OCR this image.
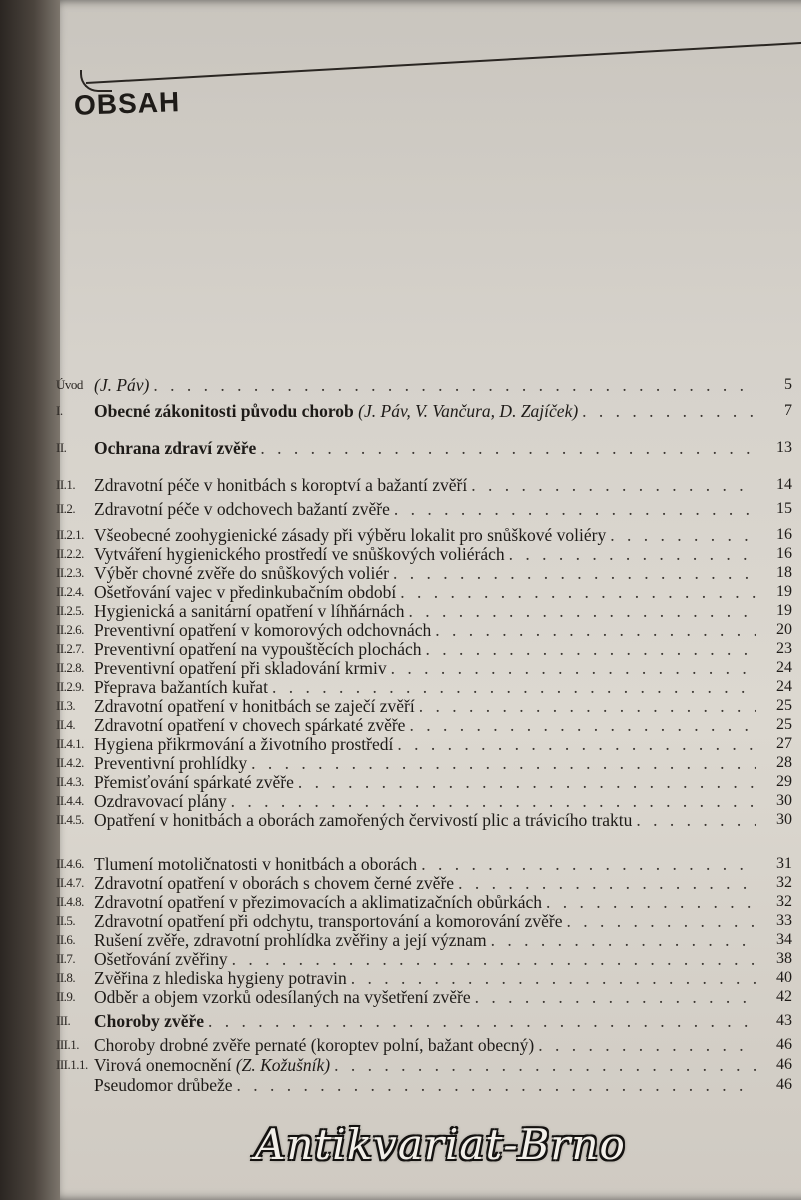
OBSAH
Úvod (J. Páv) . . .	5
I.	Obecné zákonitosti původu chorob (J. Páv, V. Vančura, D. Zajíček) . . .	7
II.	Ochrana zdraví zvěře . . .	13
II.1.	Zdravotní péče v honitbách s koroptví a bažantí zvěří . . .	14
II.2.	Zdravotní péče v odchovech bažantí zvěře . . .	15
II.2.1. Všeobecné zoohygienické zásady při výběru lokalit pro snůškové voliéry . . .	16
II.2.2. Vytváření hygienického prostředí ve snůškových voliérách . . .	16
II.2.3. Výběr chovné zvěře do snůškových voliér . . .	18
II.2.4. Ošetřování vajec v předinkubačním období . . .	19
II.2.5. Hygienická a sanitární opatření v líhňárnách . . .	19
II.2.6. Preventivní opatření v komorových odchovnách . . .	20
II.2.7. Preventivní opatření na vypouštěcích plochách . . .	23
II.2.8. Preventivní opatření při skladování krmiv . . .	24
II.2.9. Přeprava bažantích kuřat . . .	24
II.3.	Zdravotní opatření v honitbách se zaječí zvěří . . .	25
II.4.	Zdravotní opatření v chovech spárkaté zvěře . . .	25
II.4.1. Hygiena přikrmování a životního prostředí . . .	27
II.4.2. Preventivní prohlídky . . .	28
II.4.3. Přemisťování spárkaté zvěře . . .	29
II.4.4. Ozdravovací plány . . .	30
II.4.5. Opatření v honitbách a oborách zamořených červivostí plic a trávicího traktu . . .	30
II.4.6. Tlumení motoličnatosti v honitbách a oborách . . .	31
II.4.7. Zdravotní opatření v oborách s chovem černé zvěře . . .	32
II.4.8. Zdravotní opatření v přezimovacích a aklimatizačních obůrkách . . .	32
II.5.	Zdravotní opatření při odchytu, transportování a komorování zvěře . . .	33
II.6.	Rušení zvěře, zdravotní prohlídka zvěřiny a její význam . . .	34
II.7.	Ošetřování zvěřiny . . .	38
II.8.	Zvěřina z hlediska hygieny potravin . . .	40
II.9.	Odběr a objem vzorků odesílaných na vyšetření zvěře . . .	42
III.	Choroby zvěře . . .	43
III.1. Choroby drobné zvěře pernaté (koroptev polní, bažant obecný) . . .	46
III.1.1. Virová onemocnění (Z. Kožušník) . . .	46
Pseudomor drůbeže . . .	46
Antikvariat-Brno
